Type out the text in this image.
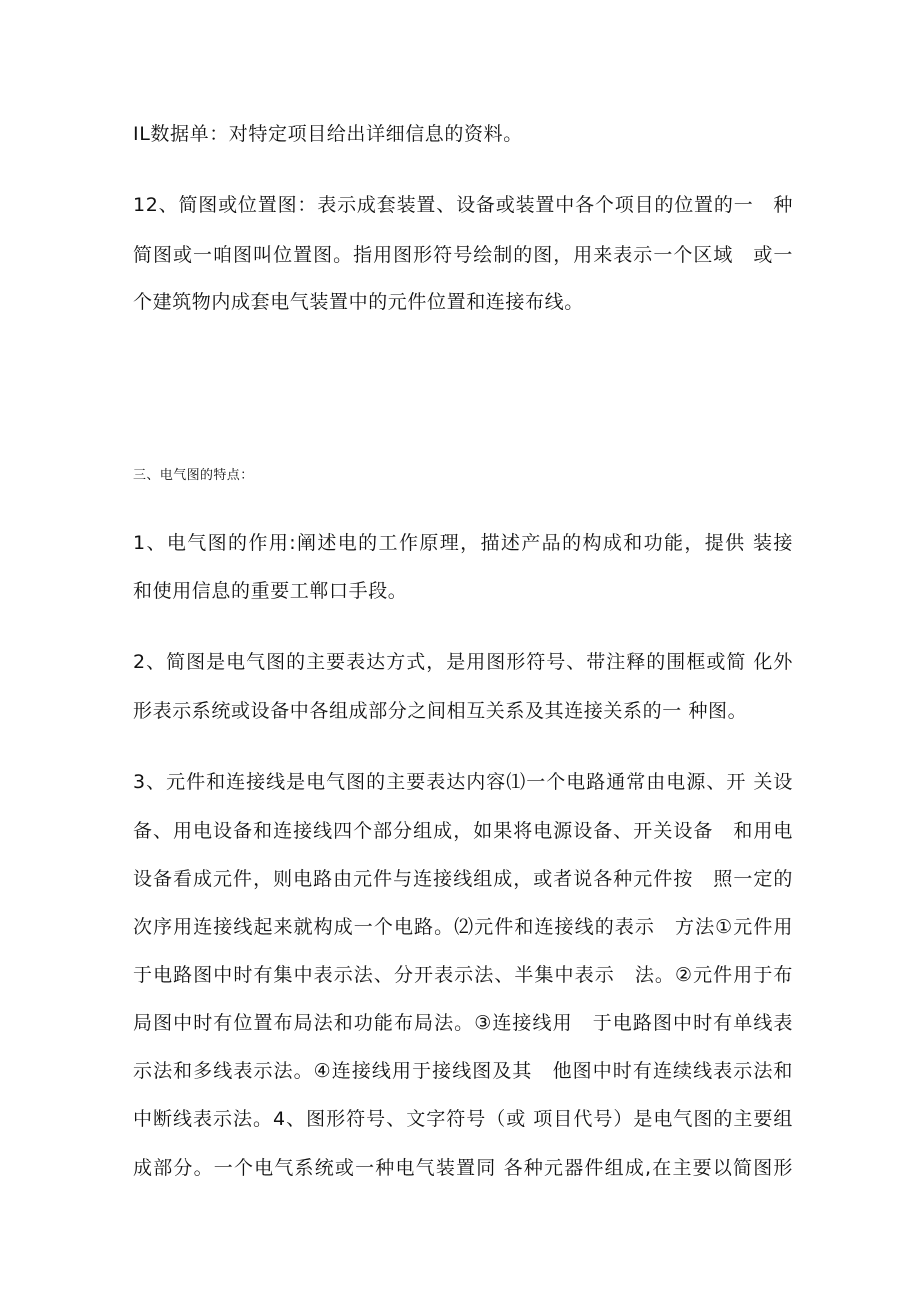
IL数据单：对特定项目给出详细信息的资料。
12、简图或位置图：表示成套装置、设备或装置中各个项目的位置的一　种
简图或一咱图叫位置图。指用图形符号绘制的图，用来表示一个区域　或一
个建筑物内成套电气装置中的元件位置和连接布线。
三、电气图的特点：
1、电气图的作用:阐述电的工作原理，描述产品的构成和功能，提供 装接
和使用信息的重要工郸口手段。
2、简图是电气图的主要表达方式，是用图形符号、带注释的围框或简 化外
形表示系统或设备中各组成部分之间相互关系及其连接关系的一 种图。
3、元件和连接线是电气图的主要表达内容⑴一个电路通常由电源、开 关设
备、用电设备和连接线四个部分组成，如果将电源设备、开关设备　和用电
设备看成元件，则电路由元件与连接线组成，或者说各种元件按　照一定的
次序用连接线起来就构成一个电路。⑵元件和连接线的表示　方法①元件用
于电路图中时有集中表示法、分开表示法、半集中表示　法。②元件用于布
局图中时有位置布局法和功能布局法。③连接线用　于电路图中时有单线表
示法和多线表示法。④连接线用于接线图及其　他图中时有连续线表示法和
中断线表示法。4、图形符号、文字符号（或 项目代号）是电气图的主要组
成部分。一个电气系统或一种电气装置同 各种元器件组成,在主要以简图形
